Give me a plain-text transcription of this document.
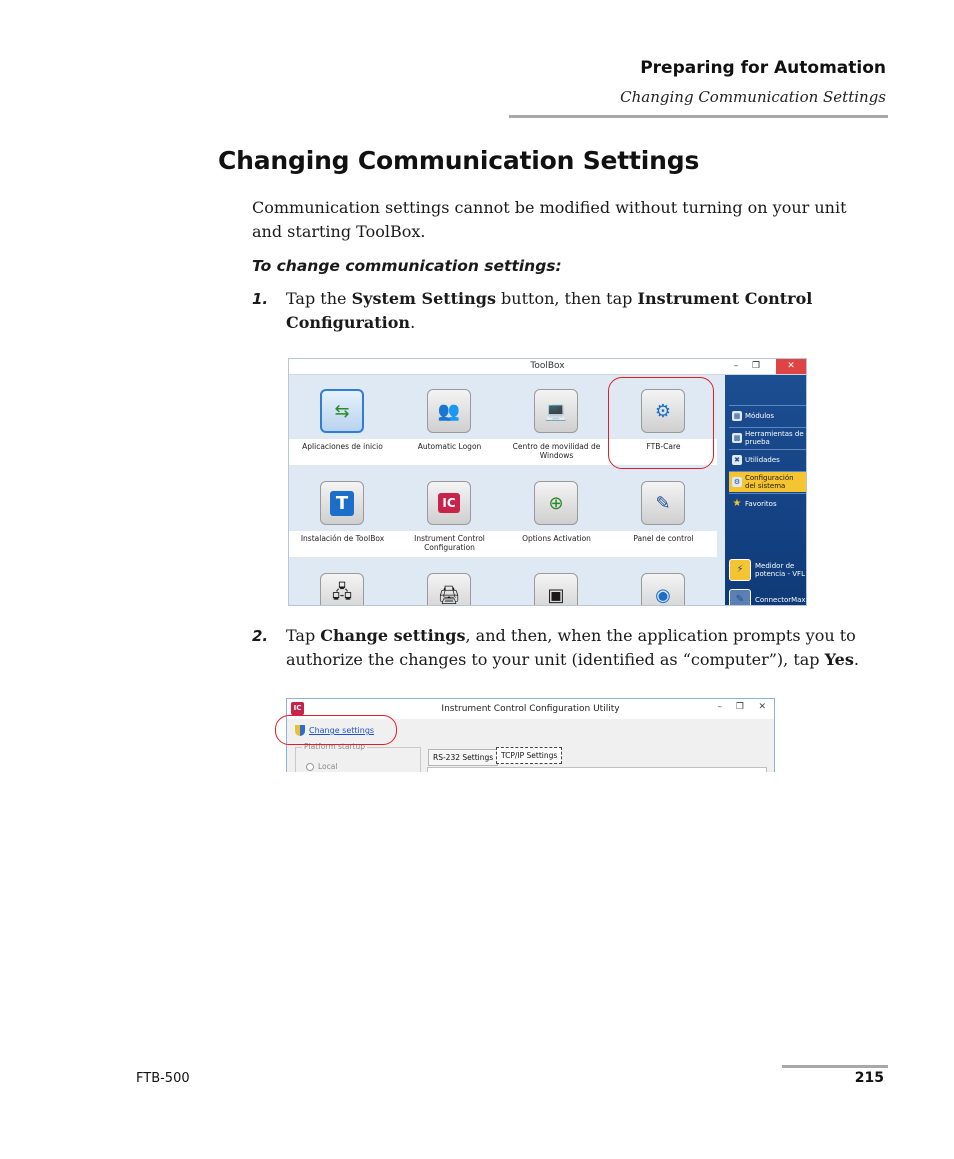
Preparing for Automation
Changing Communication Settings
Changing Communication Settings
Communication settings cannot be modified without turning on your unit
and starting ToolBox.
To change communication settings:
1. Tap the System Settings button, then tap Instrument Control
Configuration.
ToolBox	–	❐	✕
⇆
Aplicaciones de inicio
👥
Automatic Logon
💻
Centro de movilidad de Windows
⚙
FTB-Care
T
Instalación de ToolBox
IC
Instrument Control Configuration
⊕
Options Activation
✎
Panel de control
🖧	🖨	▣	◉
▦ Módulos
▩ Herramientas de prueba
✖ Utilidades
⚙ Configuración del sistema
★ Favoritos
⚡	Medidor de potencia - VFL
✎	ConnectorMax
2. Tap Change settings, and then, when the application prompts you to
authorize the changes to your unit (identified as “computer”), tap Yes.
IC	Instrument Control Configuration Utility	– ❐ ✕
Change settings
Platform startup
Local
RS-232 Settings	TCP/IP Settings
FTB-500	215
